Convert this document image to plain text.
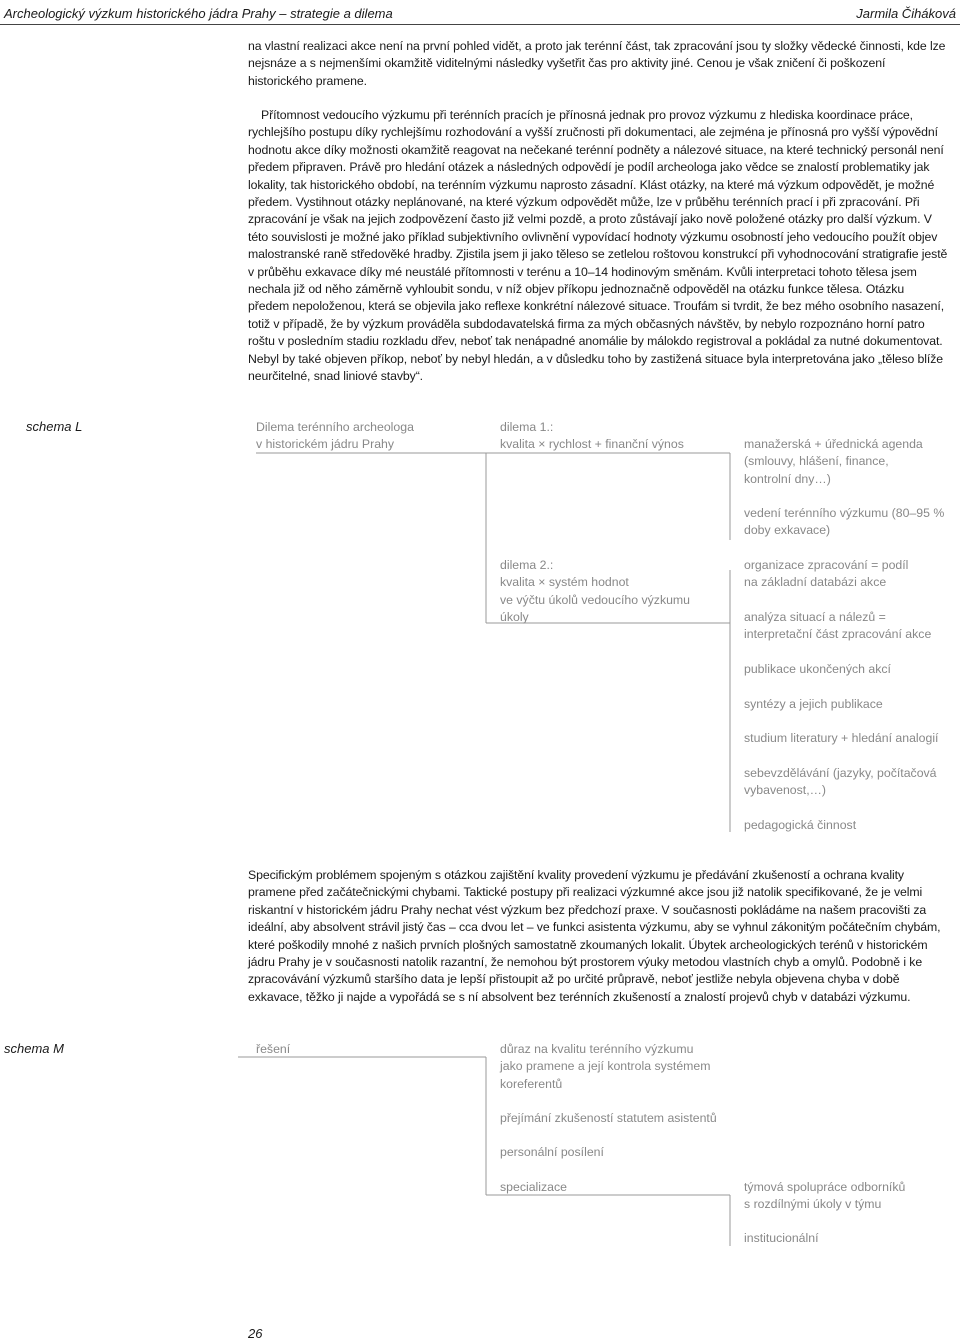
Archeologický výzkum historického jádra Prahy – strategie a dilema	Jarmila Čiháková

na vlastní realizaci akce není na první pohled vidět, a proto jak terénní část, tak zpracování jsou ty složky vědecké činnosti, kde lze nejsnáze a s nejmenšími okamžitě viditelnými následky vyšetřit čas pro aktivity jiné. Cenou je však zničení či poškození historického pramene.

Přítomnost vedoucího výzkumu při terénních pracích je přínosná jednak pro provoz výzkumu z hlediska koordinace práce, rychlejšího postupu díky rychlejšímu rozhodování a vyšší zručnosti při dokumentaci, ale zejména je přínosná pro vyšší výpovědní hodnotu akce díky možnosti okamžitě reagovat na nečekané terénní podněty a nálezové situace, na které technický personál není předem připraven. Právě pro hledání otázek a následných odpovědí je podíl archeologa jako vědce se znalostí problematiky jak lokality, tak historického období, na terénním výzkumu naprosto zásadní. Klást otázky, na které má výzkum odpovědět, je možné předem. Vystihnout otázky neplánované, na které výzkum odpovědět může, lze v průběhu terénních prací i při zpracování. Při zpracování je však na jejich zodpovězení často již velmi pozdě, a proto zůstávají jako nově položené otázky pro další výzkum. V této souvislosti je možné jako příklad subjektivního ovlivnění vypovídací hodnoty výzkumu osobností jeho vedoucího použít objev malostranské raně středověké hradby. Zjistila jsem ji jako těleso se zetlelou roštovou konstrukcí při vyhodnocování stratigrafie jestě v průběhu exkavace díky mé neustálé přítomnosti v terénu a 10–14 hodinovým směnám. Kvůli interpretaci tohoto tělesa jsem nechala již od něho záměrně vyhloubit sondu, v níž objev příkopu jednoznačně odpověděl na otázku funkce tělesa. Otázku předem nepoloženou, která se objevila jako reflexe konkrétní nálezové situace. Troufám si tvrdit, že bez mého osobního nasazení, totiž v případě, že by výzkum prováděla subdodavatelská firma za mých občasných návštěv, by nebylo rozpoznáno horní patro roštu v posledním stadiu rozkladu dřev, neboť tak nenápadné anomálie by málokdo registroval a pokládal za nutné dokumentovat. Nebyl by také objeven příkop, neboť by nebyl hledán, a v důsledku toho by zastižená situace byla interpretována jako „těleso blíže neurčitelné, snad liniové stavby“.

schema L	Dilema terénního archeologa
v historickém jádru Prahy
dilema 1.:
kvalita × rychlost + finanční výnos	manažerská + úřednická agenda
(smlouvy, hlášení, finance,
kontrolní dny…)
vedení terénního výzkumu (80–95 %
doby exkavace)
dilema 2.:
kvalita × systém hodnot
ve výčtu úkolů vedoucího výzkumu
úkoly
organizace zpracování = podíl
na základní databázi akce
analýza situací a nálezů =
interpretační část zpracování akce
publikace ukončených akcí
syntézy a jejich publikace
studium literatury + hledání analogií
sebevzdělávání (jazyky, počítačová
vybavenost,…)
pedagogická činnost

Specifickým problémem spojeným s otázkou zajištění kvality provedení výzkumu je předávání zkušeností a ochrana kvality pramene před začátečnickými chybami. Taktické postupy při realizaci výzkumné akce jsou již natolik specifikované, že je velmi riskantní v historickém jádru Prahy nechat vést výzkum bez předchozí praxe. V současnosti pokládáme na našem pracovišti za ideální, aby absolvent strávil jistý čas – cca dvou let – ve funkci asistenta výzkumu, aby se vyhnul zákonitým počátečním chybám, které poškodily mnohé z našich prvních plošných samostatně zkoumaných lokalit. Úbytek archeologických terénů v historickém jádru Prahy je v současnosti natolik razantní, že nemohou být prostorem výuky metodou vlastních chyb a omylů. Podobně i ke zpracovávání výzkumů staršího data je lepší přistoupit až po určité průpravě, neboť jestliže nebyla objevena chyba v době exkavace, těžko ji najde a vypořádá se s ní absolvent bez terénních zkušeností a znalostí projevů chyb v databázi výzkumu.

schema M	řešení	důraz na kvalitu terénního výzkumu
jako pramene a její kontrola systémem
koreferentů
přejímání zkušeností statutem asistentů
personální posílení
specializace	týmová spolupráce odborníků
s rozdílnými úkoly v týmu
institucionální
26
